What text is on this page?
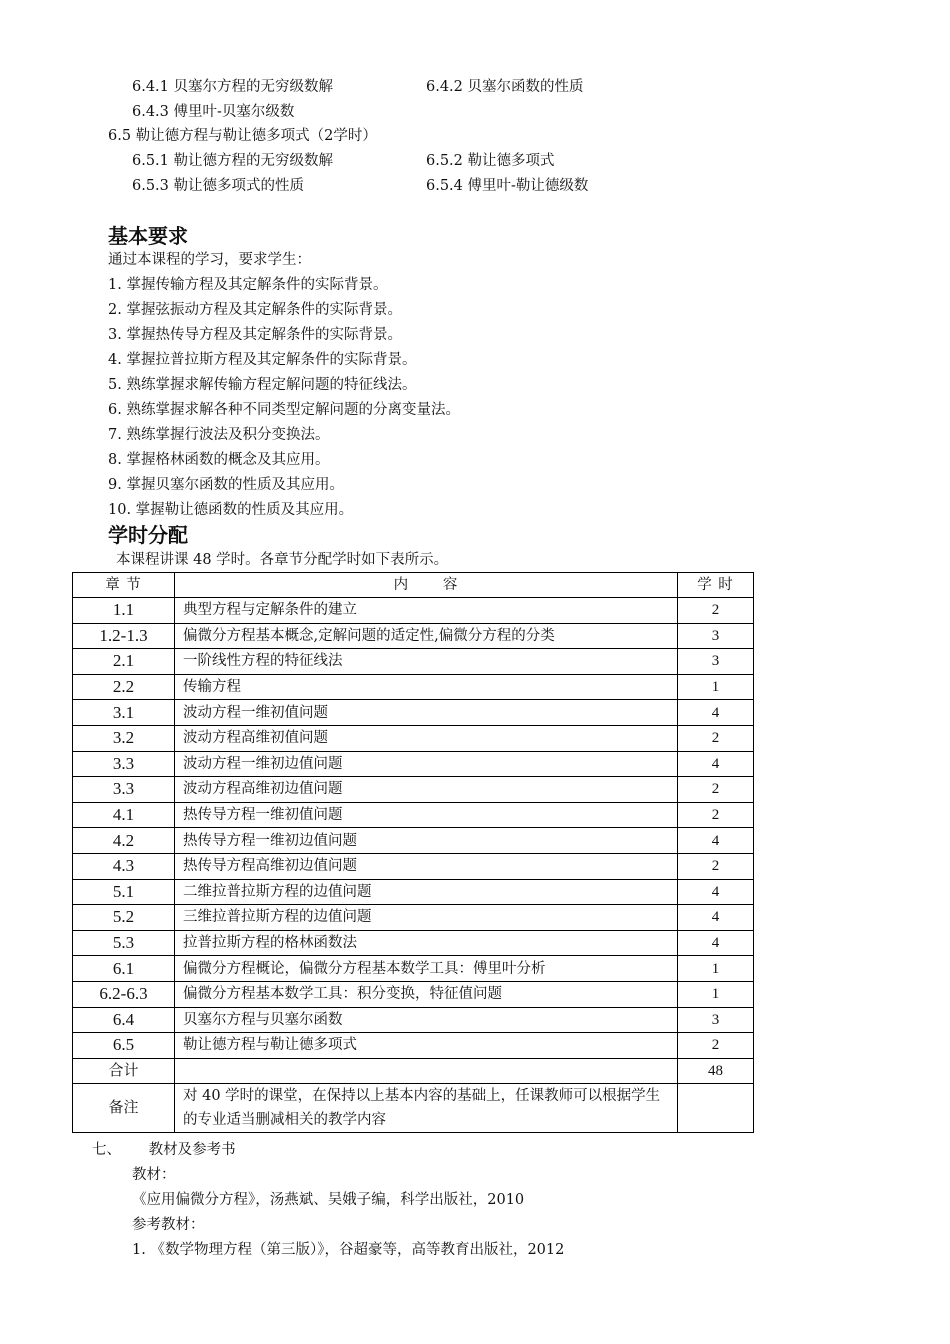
6.4.1 贝塞尔方程的无穷级数解	6.4.2 贝塞尔函数的性质
6.4.3 傅里叶-贝塞尔级数
6.5 勒让德方程与勒让德多项式（2学时）
6.5.1 勒让德方程的无穷级数解	6.5.2 勒让德多项式
6.5.3 勒让德多项式的性质	6.5.4 傅里叶-勒让德级数
基本要求
通过本课程的学习，要求学生：
1. 掌握传输方程及其定解条件的实际背景。
2. 掌握弦振动方程及其定解条件的实际背景。
3. 掌握热传导方程及其定解条件的实际背景。
4. 掌握拉普拉斯方程及其定解条件的实际背景。
5. 熟练掌握求解传输方程定解问题的特征线法。
6. 熟练掌握求解各种不同类型定解问题的分离变量法。
7. 熟练掌握行波法及积分变换法。
8. 掌握格林函数的概念及其应用。
9. 掌握贝塞尔函数的性质及其应用。
10. 掌握勒让德函数的性质及其应用。
学时分配
本课程讲课 48 学时。各章节分配学时如下表所示。
章 节	内      容	学 时
1.1	典型方程与定解条件的建立	2
1.2-1.3	偏微分方程基本概念,定解问题的适定性,偏微分方程的分类	3
2.1	一阶线性方程的特征线法	3
2.2	传输方程	1
3.1	波动方程一维初值问题	4
3.2	波动方程高维初值问题	2
3.3	波动方程一维初边值问题	4
3.3	波动方程高维初边值问题	2
4.1	热传导方程一维初值问题	2
4.2	热传导方程一维初边值问题	4
4.3	热传导方程高维初边值问题	2
5.1	二维拉普拉斯方程的边值问题	4
5.2	三维拉普拉斯方程的边值问题	4
5.3	拉普拉斯方程的格林函数法	4
6.1	偏微分方程概论，偏微分方程基本数学工具：傅里叶分析	1
6.2-6.3	偏微分方程基本数学工具：积分变换，特征值问题	1
6.4	贝塞尔方程与贝塞尔函数	3
6.5	勒让德方程与勒让德多项式	2
合计		48
备注	对 40 学时的课堂，在保持以上基本内容的基础上，任课教师可以根据学生的专业适当删减相关的教学内容	
七、      教材及参考书
教材：
《应用偏微分方程》，汤燕斌、吴娥子编，科学出版社，2010
参考教材：
1. 《数学物理方程（第三版）》，谷超豪等，高等教育出版社，2012
